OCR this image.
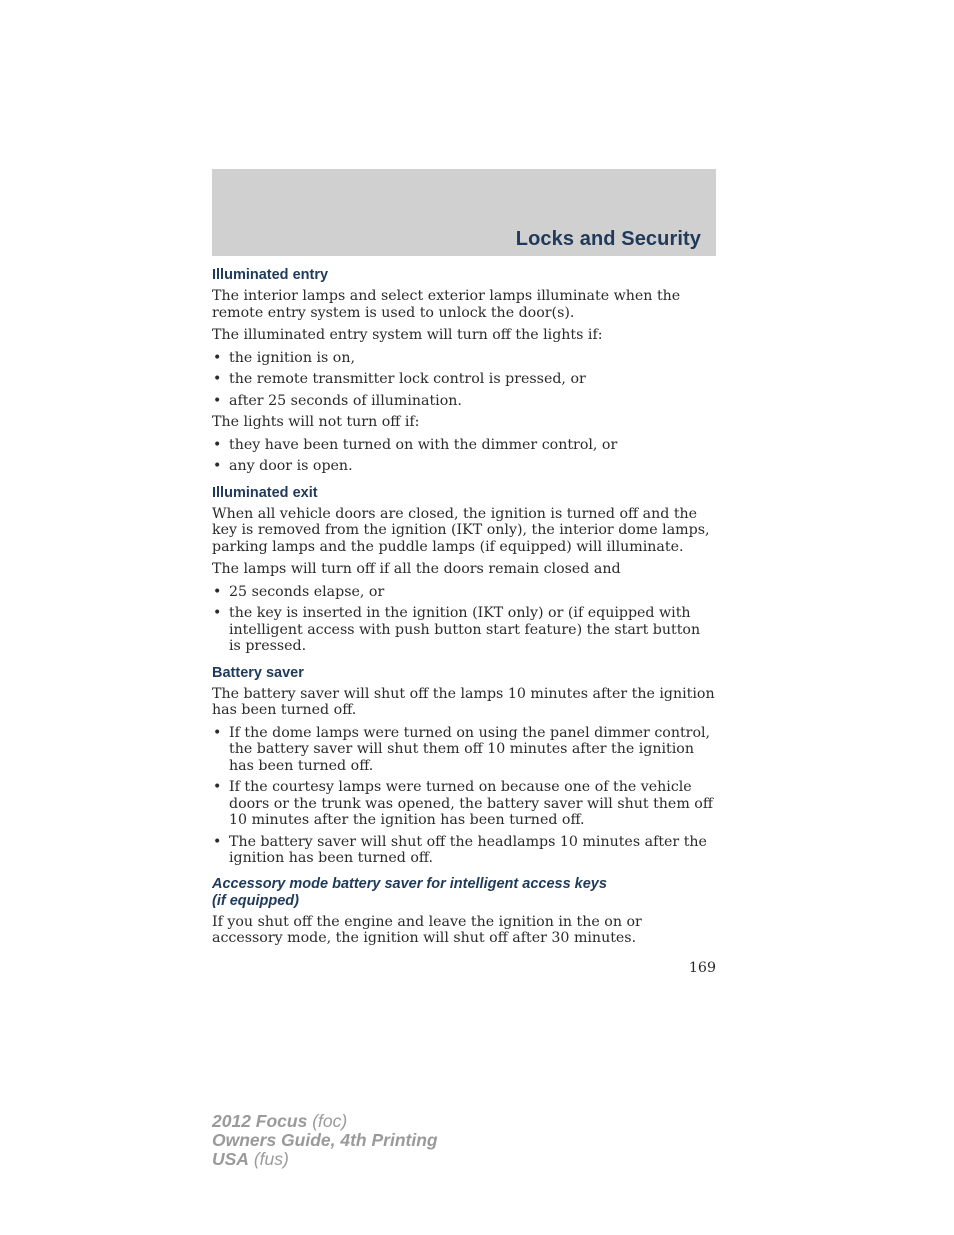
Locks and Security
Illuminated entry

The interior lamps and select exterior lamps illuminate when the remote entry system is used to unlock the door(s).

The illuminated entry system will turn off the lights if:

• the ignition is on,
• the remote transmitter lock control is pressed, or
• after 25 seconds of illumination.

The lights will not turn off if:

• they have been turned on with the dimmer control, or
• any door is open.
Illuminated exit

When all vehicle doors are closed, the ignition is turned off and the key is removed from the ignition (IKT only), the interior dome lamps, parking lamps and the puddle lamps (if equipped) will illuminate.

The lamps will turn off if all the doors remain closed and

• 25 seconds elapse, or
• the key is inserted in the ignition (IKT only) or (if equipped with intelligent access with push button start feature) the start button is pressed.
Battery saver

The battery saver will shut off the lamps 10 minutes after the ignition has been turned off.

• If the dome lamps were turned on using the panel dimmer control, the battery saver will shut them off 10 minutes after the ignition has been turned off.
• If the courtesy lamps were turned on because one of the vehicle doors or the trunk was opened, the battery saver will shut them off 10 minutes after the ignition has been turned off.
• The battery saver will shut off the headlamps 10 minutes after the ignition has been turned off.
Accessory mode battery saver for intelligent access keys
(if equipped)

If you shut off the engine and leave the ignition in the on or accessory mode, the ignition will shut off after 30 minutes.

169
2012 Focus (foc)
Owners Guide, 4th Printing
USA (fus)
